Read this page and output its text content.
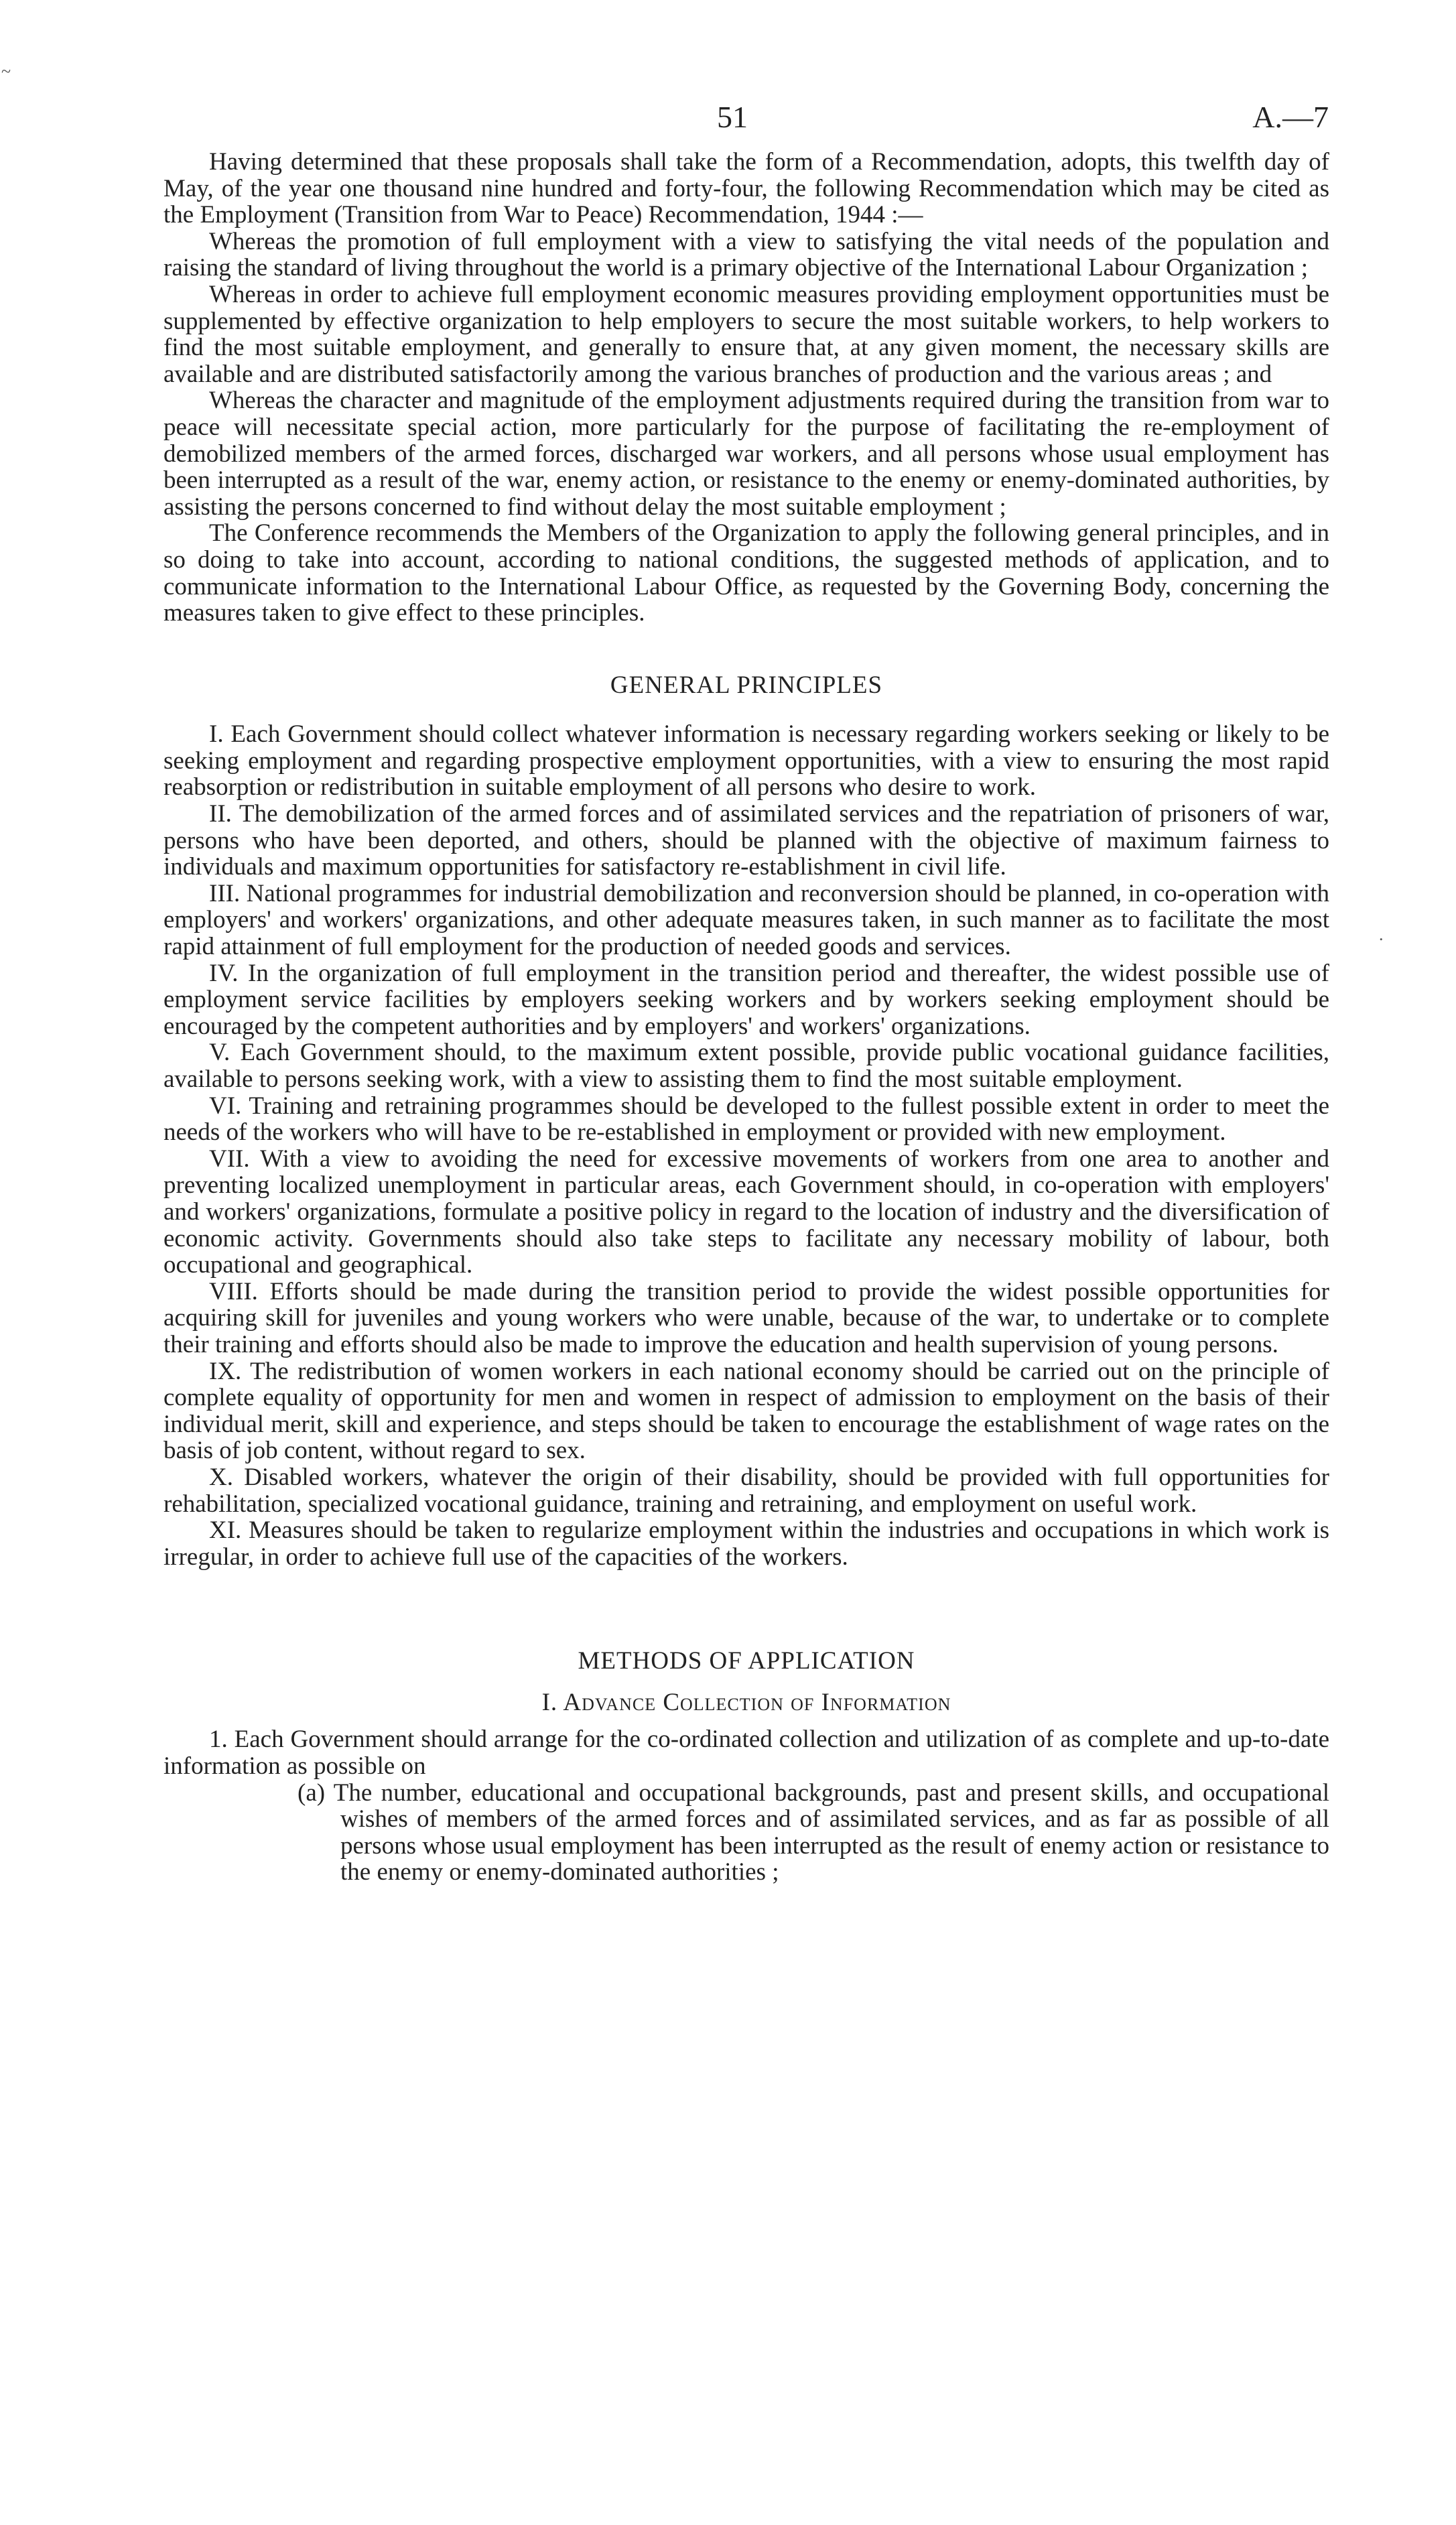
51	A.—7
~
.

Having determined that these proposals shall take the form of a Recommendation, adopts, this twelfth day of May, of the year one thousand nine hundred and forty-four, the following Recommendation which may be cited as the Employment (Transition from War to Peace) Recommendation, 1944 :—

Whereas the promotion of full employment with a view to satisfying the vital needs of the population and raising the standard of living throughout the world is a primary objective of the International Labour Organization ;

Whereas in order to achieve full employment economic measures providing employment opportunities must be supplemented by effective organization to help employers to secure the most suitable workers, to help workers to find the most suitable employment, and generally to ensure that, at any given moment, the necessary skills are available and are distributed satisfactorily among the various branches of production and the various areas ; and

Whereas the character and magnitude of the employment adjustments required during the transition from war to peace will necessitate special action, more particularly for the purpose of facilitating the re-employment of demobilized members of the armed forces, discharged war workers, and all persons whose usual employment has been interrupted as a result of the war, enemy action, or resistance to the enemy or enemy-dominated authorities, by assisting the persons concerned to find without delay the most suitable employment ;

The Conference recommends the Members of the Organization to apply the following general principles, and in so doing to take into account, according to national conditions, the suggested methods of application, and to communicate information to the International Labour Office, as requested by the Governing Body, concerning the measures taken to give effect to these principles.

GENERAL PRINCIPLES

I. Each Government should collect whatever information is necessary regarding workers seeking or likely to be seeking employment and regarding prospective employment opportunities, with a view to ensuring the most rapid reabsorption or redistribution in suitable employment of all persons who desire to work.

II. The demobilization of the armed forces and of assimilated services and the repatriation of prisoners of war, persons who have been deported, and others, should be planned with the objective of maximum fairness to individuals and maximum opportunities for satisfactory re-establishment in civil life.

III. National programmes for industrial demobilization and reconversion should be planned, in co-operation with employers' and workers' organizations, and other adequate measures taken, in such manner as to facilitate the most rapid attainment of full employment for the production of needed goods and services.

IV. In the organization of full employment in the transition period and thereafter, the widest possible use of employment service facilities by employers seeking workers and by workers seeking employment should be encouraged by the competent authorities and by employers' and workers' organizations.

V. Each Government should, to the maximum extent possible, provide public vocational guidance facilities, available to persons seeking work, with a view to assisting them to find the most suitable employment.

VI. Training and retraining programmes should be developed to the fullest possible extent in order to meet the needs of the workers who will have to be re-established in employment or provided with new employment.

VII. With a view to avoiding the need for excessive movements of workers from one area to another and preventing localized unemployment in particular areas, each Government should, in co-operation with employers' and workers' organizations, formulate a positive policy in regard to the location of industry and the diversification of economic activity. Governments should also take steps to facilitate any necessary mobility of labour, both occupational and geographical.

VIII. Efforts should be made during the transition period to provide the widest possible opportunities for acquiring skill for juveniles and young workers who were unable, because of the war, to undertake or to complete their training and efforts should also be made to improve the education and health supervision of young persons.

IX. The redistribution of women workers in each national economy should be carried out on the principle of complete equality of opportunity for men and women in respect of admission to employment on the basis of their individual merit, skill and experience, and steps should be taken to encourage the establishment of wage rates on the basis of job content, without regard to sex.

X. Disabled workers, whatever the origin of their disability, should be provided with full opportunities for rehabilitation, specialized vocational guidance, training and retraining, and employment on useful work.

XI. Measures should be taken to regularize employment within the industries and occupations in which work is irregular, in order to achieve full use of the capacities of the workers.

METHODS OF APPLICATION

I. Advance Collection of Information

1. Each Government should arrange for the co-ordinated collection and utilization of as complete and up-to-date information as possible on

(a) The number, educational and occupational backgrounds, past and present skills, and occupational wishes of members of the armed forces and of assimilated services, and as far as possible of all persons whose usual employment has been interrupted as the result of enemy action or resistance to the enemy or enemy-dominated authorities ;
